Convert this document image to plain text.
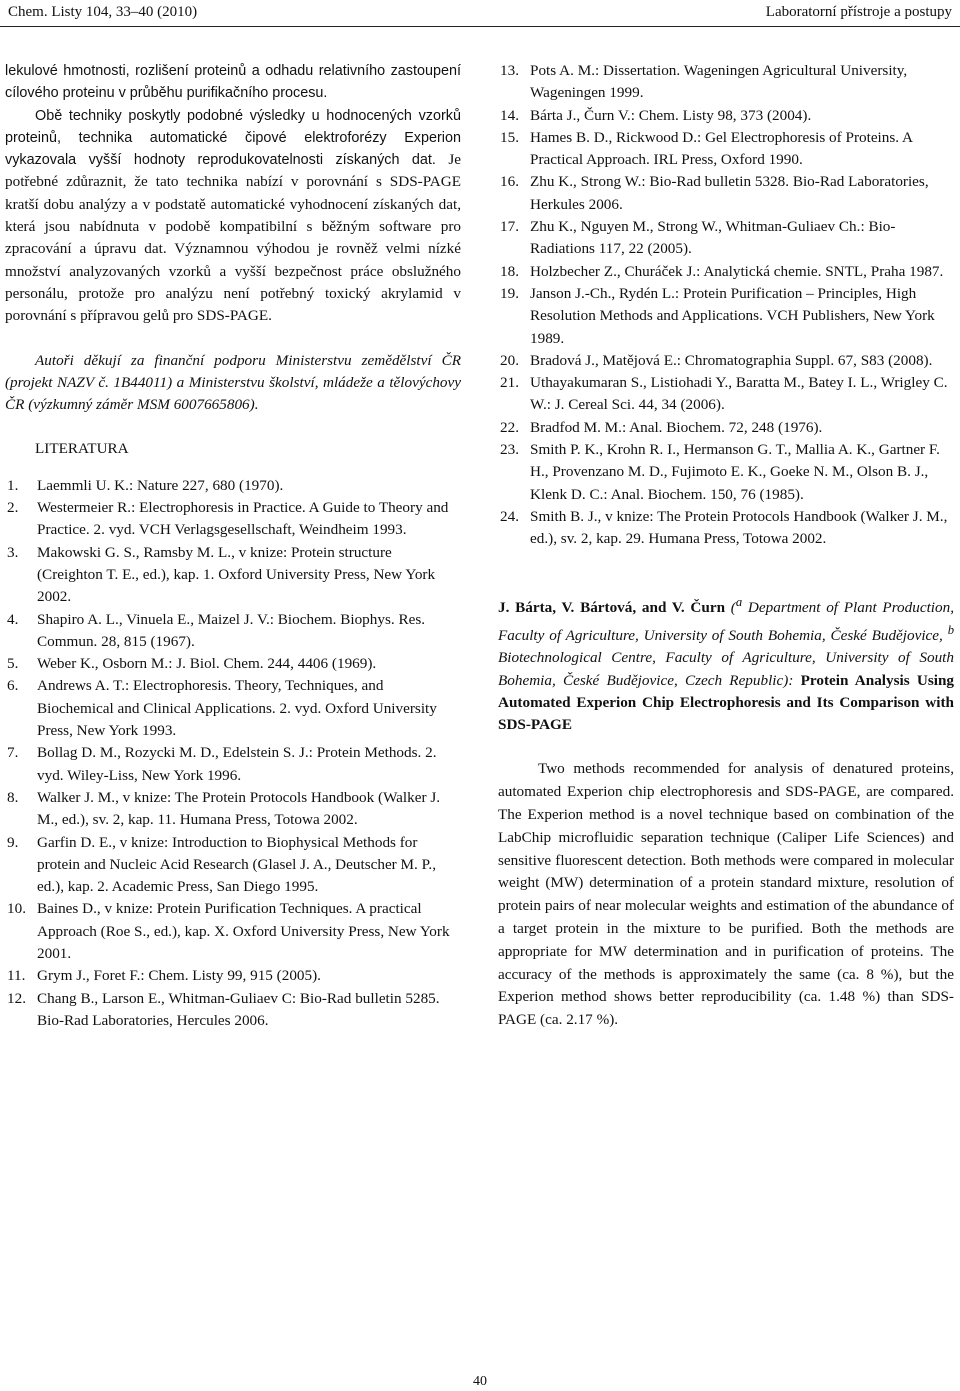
Chem. Listy 104, 33–40 (2010)	Laboratorní přístroje a postupy

lekulové hmotnosti, rozlišení proteinů a odhadu relativního zastoupení cílového proteinu v průběhu purifikačního procesu.

Obě techniky poskytly podobné výsledky u hodnocených vzorků proteinů, technika automatické čipové elektroforézy Experion vykazovala vyšší hodnoty reprodukovatelnosti získaných dat. Je potřebné zdůraznit, že tato technika nabízí v porovnání s SDS-PAGE kratší dobu analýzy a v podstatě automatické vyhodnocení získaných dat, která jsou nabídnuta v podobě kompatibilní s běžným software pro zpracování a úpravu dat. Významnou výhodou je rovněž velmi nízké množství analyzovaných vzorků a vyšší bezpečnost práce obslužného personálu, protože pro analýzu není potřebný toxický akrylamid v porovnání s přípravou gelů pro SDS-PAGE.

Autoři děkují za finanční podporu Ministerstvu zemědělství ČR (projekt NAZV č. 1B44011) a Ministerstvu školství, mládeže a tělovýchovy ČR (výzkumný záměr MSM 6007665806).

LITERATURA
1. Laemmli U. K.: Nature 227, 680 (1970).
2. Westermeier R.: Electrophoresis in Practice. A Guide to Theory and Practice. 2. vyd. VCH Verlagsgesellschaft, Weindheim 1993.
3. Makowski G. S., Ramsby M. L., v knize: Protein structure (Creighton T. E., ed.), kap. 1. Oxford University Press, New York 2002.
4. Shapiro A. L., Vinuela E., Maizel J. V.: Biochem. Biophys. Res. Commun. 28, 815 (1967).
5. Weber K., Osborn M.: J. Biol. Chem. 244, 4406 (1969).
6. Andrews A. T.: Electrophoresis. Theory, Techniques, and Biochemical and Clinical Applications. 2. vyd. Oxford University Press, New York 1993.
7. Bollag D. M., Rozycki M. D., Edelstein S. J.: Protein Methods. 2. vyd. Wiley-Liss, New York 1996.
8. Walker J. M., v knize: The Protein Protocols Handbook (Walker J. M., ed.), sv. 2, kap. 11. Humana Press, Totowa 2002.
9. Garfin D. E., v knize: Introduction to Biophysical Methods for protein and Nucleic Acid Research (Glasel J. A., Deutscher M. P., ed.), kap. 2. Academic Press, San Diego 1995.
10. Baines D., v knize: Protein Purification Techniques. A practical Approach (Roe S., ed.), kap. X. Oxford University Press, New York 2001.
11. Grym J., Foret F.: Chem. Listy 99, 915 (2005).
12. Chang B., Larson E., Whitman-Guliaev C: Bio-Rad bulletin 5285. Bio-Rad Laboratories, Hercules 2006.
13. Pots A. M.: Dissertation. Wageningen Agricultural University, Wageningen 1999.
14. Bárta J., Čurn V.: Chem. Listy 98, 373 (2004).
15. Hames B. D., Rickwood D.: Gel Electrophoresis of Proteins. A Practical Approach. IRL Press, Oxford 1990.
16. Zhu K., Strong W.: Bio-Rad bulletin 5328. Bio-Rad Laboratories, Herkules 2006.
17. Zhu K., Nguyen M., Strong W., Whitman-Guliaev Ch.: Bio-Radiations 117, 22 (2005).
18. Holzbecher Z., Churáček J.: Analytická chemie. SNTL, Praha 1987.
19. Janson J.-Ch., Rydén L.: Protein Purification – Principles, High Resolution Methods and Applications. VCH Publishers, New York 1989.
20. Bradová J., Matějová E.: Chromatographia Suppl. 67, S83 (2008).
21. Uthayakumaran S., Listiohadi Y., Baratta M., Batey I. L., Wrigley C. W.: J. Cereal Sci. 44, 34 (2006).
22. Bradfod M. M.: Anal. Biochem. 72, 248 (1976).
23. Smith P. K., Krohn R. I., Hermanson G. T., Mallia A. K., Gartner F. H., Provenzano M. D., Fujimoto E. K., Goeke N. M., Olson B. J., Klenk D. C.: Anal. Biochem. 150, 76 (1985).
24. Smith B. J., v knize: The Protein Protocols Handbook (Walker J. M., ed.), sv. 2, kap. 29. Humana Press, Totowa 2002.

J. Bárta, V. Bártová, and V. Čurn ($^a$ Department of Plant Production, Faculty of Agriculture, University of South Bohemia, České Budějovice, $^b$ Biotechnological Centre, Faculty of Agriculture, University of South Bohemia, České Budějovice, Czech Republic): Protein Analysis Using Automated Experion Chip Electrophoresis and Its Comparison with SDS-PAGE

Two methods recommended for analysis of denatured proteins, automated Experion chip electrophoresis and SDS-PAGE, are compared. The Experion method is a novel technique based on combination of the LabChip microfluidic separation technique (Caliper Life Sciences) and sensitive fluorescent detection. Both methods were compared in molecular weight (MW) determination of a protein standard mixture, resolution of protein pairs of near molecular weights and estimation of the abundance of a target protein in the mixture to be purified. Both the methods are appropriate for MW determination and in purification of proteins. The accuracy of the methods is approximately the same (ca. 8 %), but the Experion method shows better reproducibility (ca. 1.48 %) than SDS-PAGE (ca. 2.17 %).

40
